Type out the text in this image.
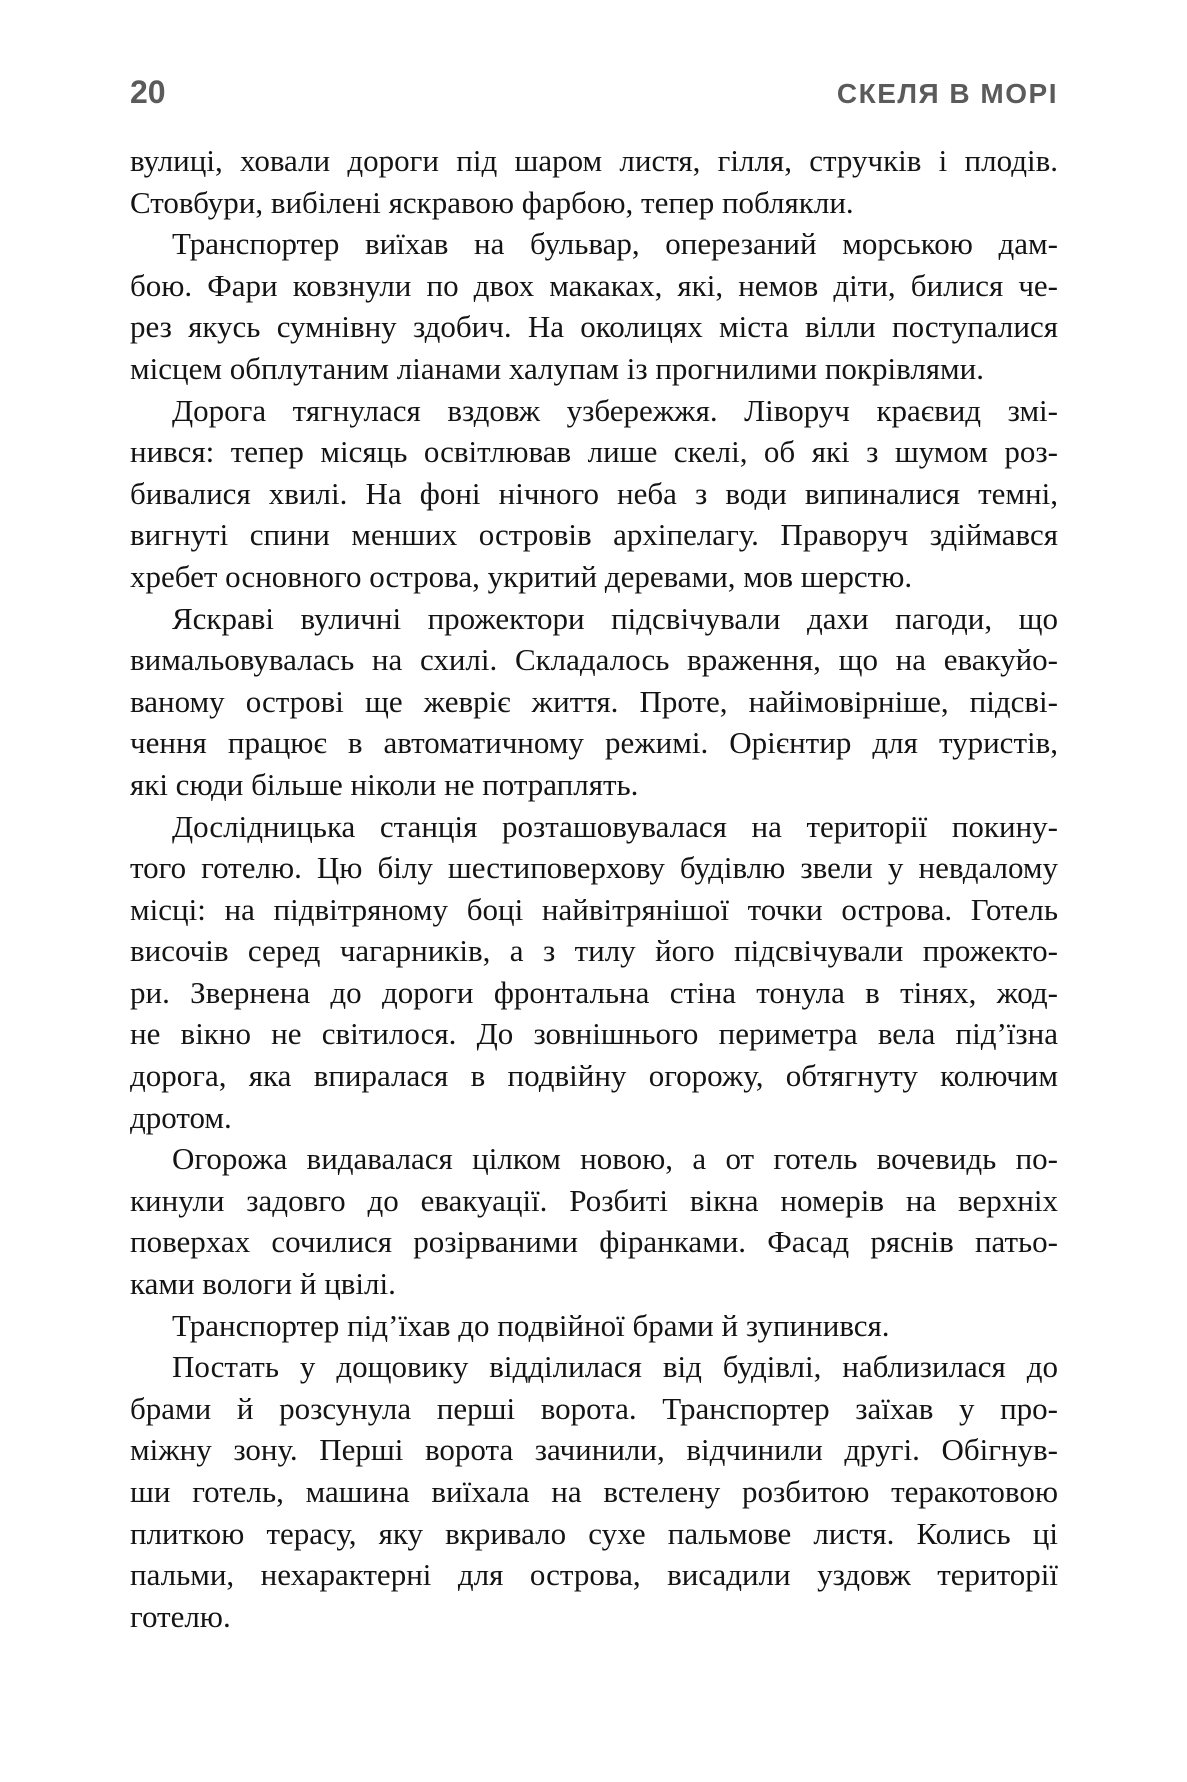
20	СКЕЛЯ В МОРІ
вулиці, ховали дороги під шаром листя, гілля, стручків і плодів.
Стовбури, вибілені яскравою фарбою, тепер поблякли.
Транспортер виїхав на бульвар, оперезаний морською дам-
бою. Фари ковзнули по двох макаках, які, немов діти, билися че-
рез якусь сумнівну здобич. На околицях міста вілли поступалися
місцем обплутаним ліанами халупам із прогнилими покрівлями.
Дорога тягнулася вздовж узбережжя. Ліворуч краєвид змі-
нився: тепер місяць освітлював лише скелі, об які з шумом роз-
бивалися хвилі. На фоні нічного неба з води випиналися темні,
вигнуті спини менших островів архіпелагу. Праворуч здіймався
хребет основного острова, укритий деревами, мов шерстю.
Яскраві вуличні прожектори підсвічували дахи пагоди, що
вимальовувалась на схилі. Складалось враження, що на евакуйо-
ваному острові ще жевріє життя. Проте, найімовірніше, підсві-
чення працює в автоматичному режимі. Орієнтир для туристів,
які сюди більше ніколи не потраплять.
Дослідницька станція розташовувалася на території покину-
того готелю. Цю білу шестиповерхову будівлю звели у невдалому
місці: на підвітряному боці найвітрянішої точки острова. Готель
височів серед чагарників, а з тилу його підсвічували прожекто-
ри. Звернена до дороги фронтальна стіна тонула в тінях, жод-
не вікно не світилося. До зовнішнього периметра вела під’їзна
дорога, яка впиралася в подвійну огорожу, обтягнуту колючим
дротом.
Огорожа видавалася цілком новою, а от готель вочевидь по-
кинули задовго до евакуації. Розбиті вікна номерів на верхніх
поверхах сочилися розірваними фіранками. Фасад ряснів патьо-
ками вологи й цвілі.
Транспортер під’їхав до подвійної брами й зупинився.
Постать у дощовику відділилася від будівлі, наблизилася до
брами й розсунула перші ворота. Транспортер заїхав у про-
міжну зону. Перші ворота зачинили, відчинили другі. Обігнув-
ши готель, машина виїхала на встелену розбитою теракотовою
плиткою терасу, яку вкривало сухе пальмове листя. Колись ці
пальми, нехарактерні для острова, висадили уздовж території
готелю.
